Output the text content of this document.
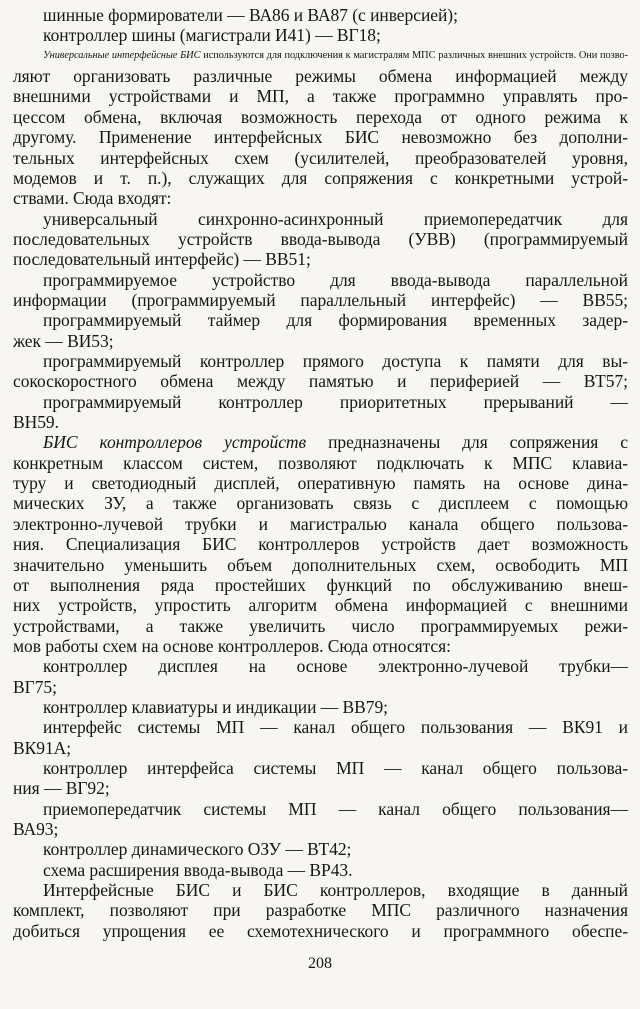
шинные формирователи — ВА86 и ВА87 (с инверсией);
контроллер шины (магистрали И41) — ВГ18;
Универсальные интерфейсные БИС используются для подключения к магистралям МПС различных внешних устройств. Они позво-
ляют организовать различные режимы обмена информацией между
внешними устройствами и МП, а также программно управлять про-
цессом обмена, включая возможность перехода от одного режима к
другому. Применение интерфейсных БИС невозможно без дополни-
тельных интерфейсных схем (усилителей, преобразователей уровня,
модемов и т. п.), служащих для сопряжения с конкретными устрой-
ствами. Сюда входят:
универсальный синхронно-асинхронный приемопередатчик для
последовательных устройств ввода-вывода (УВВ) (программируемый
последовательный интерфейс) — ВВ51;
программируемое устройство для ввода-вывода параллельной
информации (программируемый параллельный интерфейс) — ВВ55;
программируемый таймер для формирования временных задер-
жек — ВИ53;
программируемый контроллер прямого доступа к памяти для вы-
сокоскоростного обмена между памятью и периферией — ВТ57;
программируемый контроллер приоритетных прерываний —
ВН59.
БИС контроллеров устройств предназначены для сопряжения с
конкретным классом систем, позволяют подключать к МПС клавиа-
туру и светодиодный дисплей, оперативную память на основе дина-
мических ЗУ, а также организовать связь с дисплеем с помощью
электронно-лучевой трубки и магистралью канала общего пользова-
ния. Специализация БИС контроллеров устройств дает возможность
значительно уменьшить объем дополнительных схем, освободить МП
от выполнения ряда простейших функций по обслуживанию внеш-
них устройств, упростить алгоритм обмена информацией с внешними
устройствами, а также увеличить число программируемых режи-
мов работы схем на основе контроллеров. Сюда относятся:
контроллер дисплея на основе электронно-лучевой трубки—
ВГ75;
контроллер клавиатуры и индикации — ВВ79;
интерфейс системы МП — канал общего пользования — ВК91 и
ВК91А;
контроллер интерфейса системы МП — канал общего пользова-
ния — ВГ92;
приемопередатчик системы МП — канал общего пользования—
ВА93;
контроллер динамического ОЗУ — ВТ42;
схема расширения ввода-вывода — ВР43.
Интерфейсные БИС и БИС контроллеров, входящие в данный
комплект, позволяют при разработке МПС различного назначения
добиться упрощения ее схемотехнического и программного обеспе-
208
